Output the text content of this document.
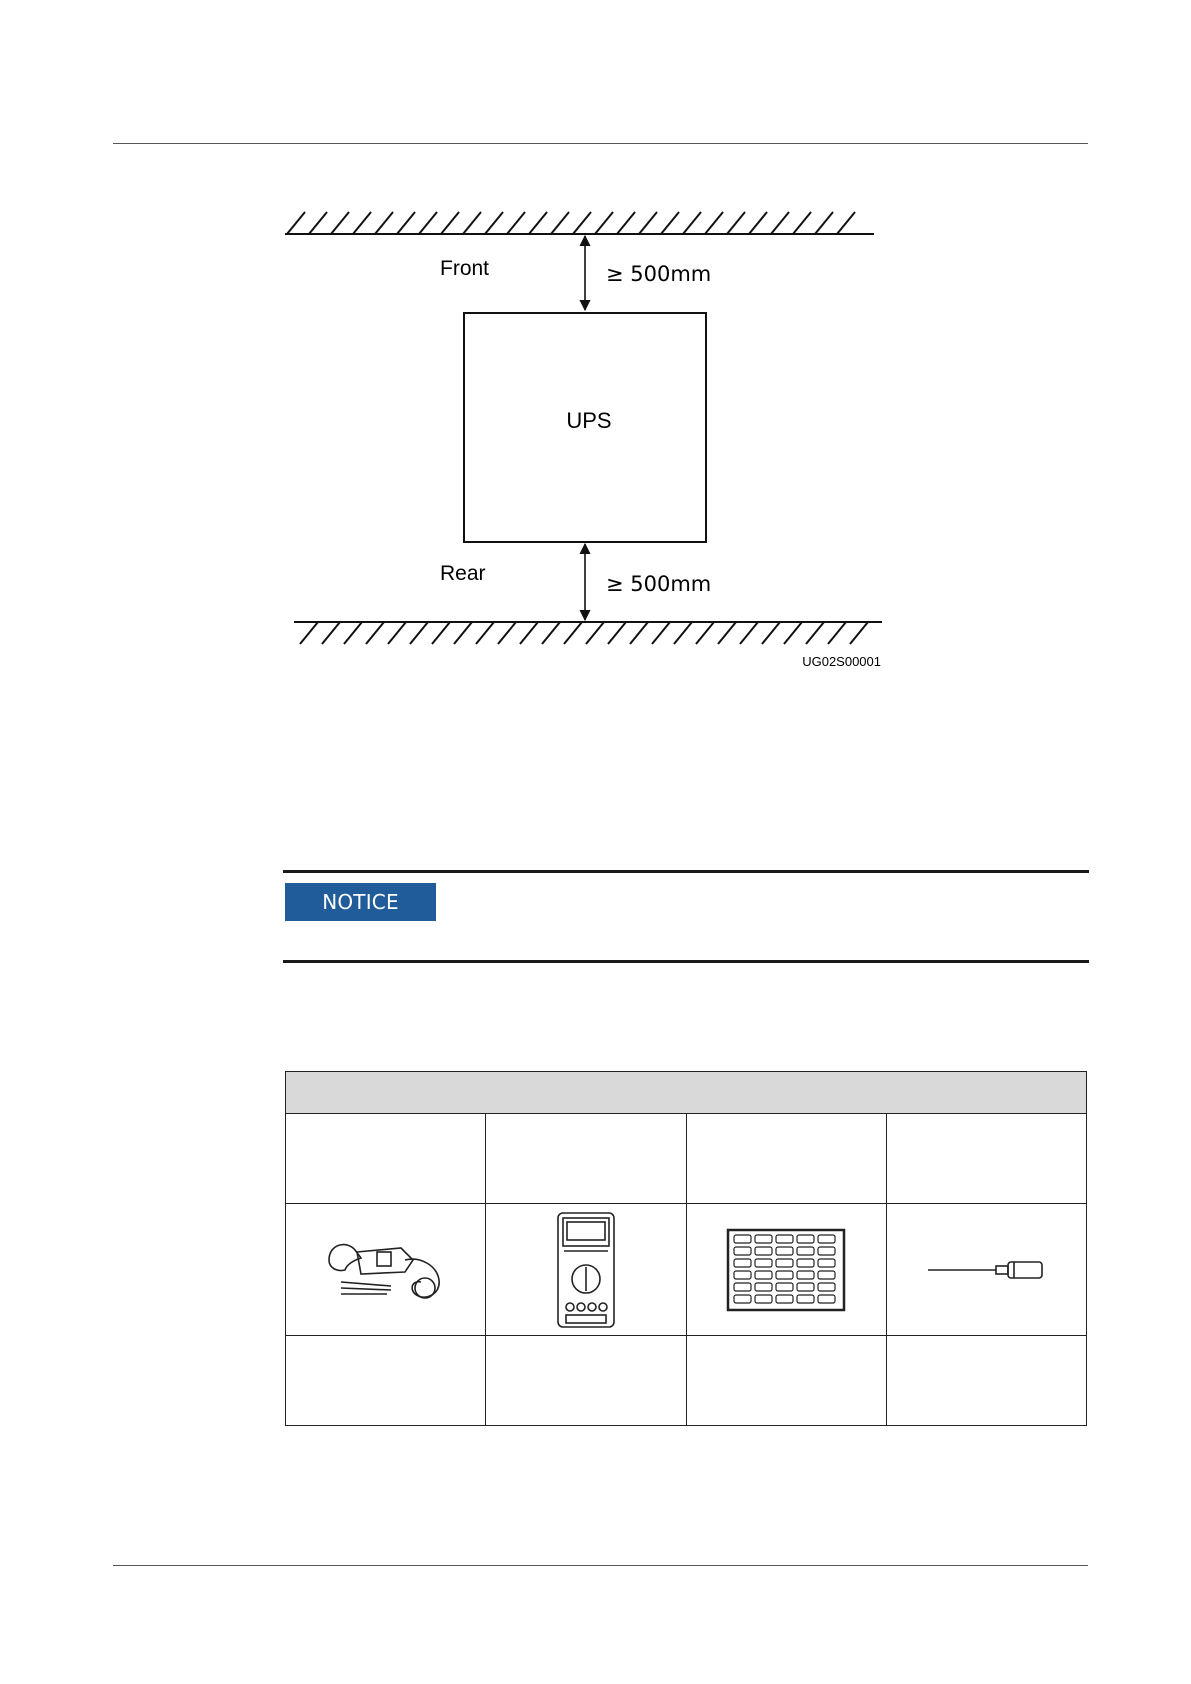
UPS
Front
Rear
≥ 500mm
≥ 500mm
UG02S00001
NOTICE
